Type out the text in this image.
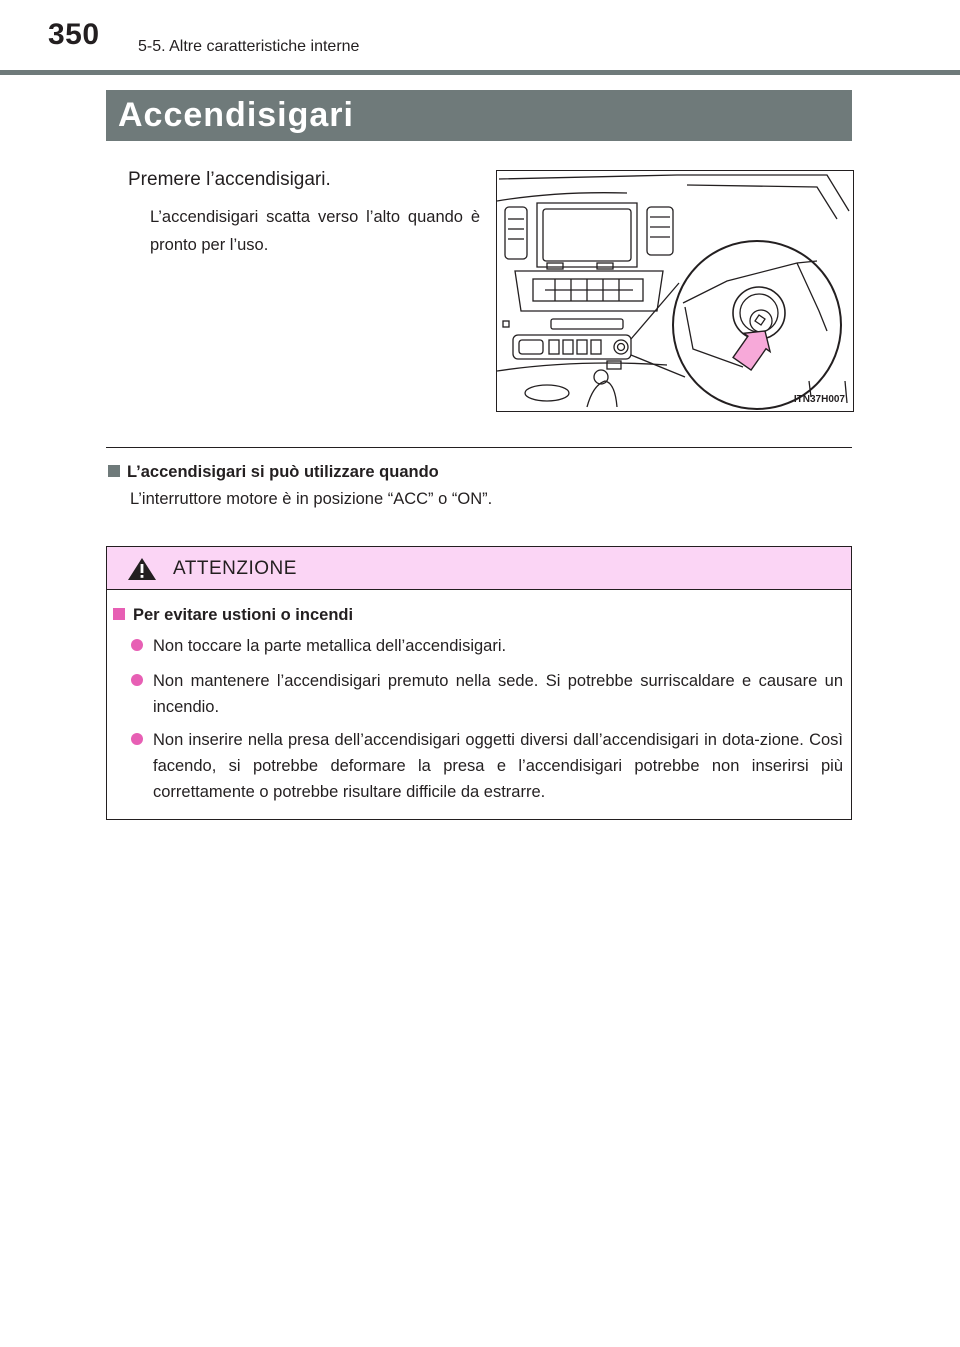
350 5-5. Altre caratteristiche interne
Accendisigari
Premere l’accendisigari.
L’accendisigari scatta verso l’alto quando è pronto per l’uso.
ITN37H007
L’accendisigari si può utilizzare quando
L’interruttore motore è in posizione “ACC” o “ON”.
ATTENZIONE
Per evitare ustioni o incendi
Non toccare la parte metallica dell’accendisigari.
Non mantenere l’accendisigari premuto nella sede. Si potrebbe surriscaldare e causare un incendio.
Non inserire nella presa dell’accendisigari oggetti diversi dall’accendisigari in dota-zione. Così facendo, si potrebbe deformare la presa e l’accendisigari potrebbe non inserirsi più correttamente o potrebbe risultare difficile da estrarre.
